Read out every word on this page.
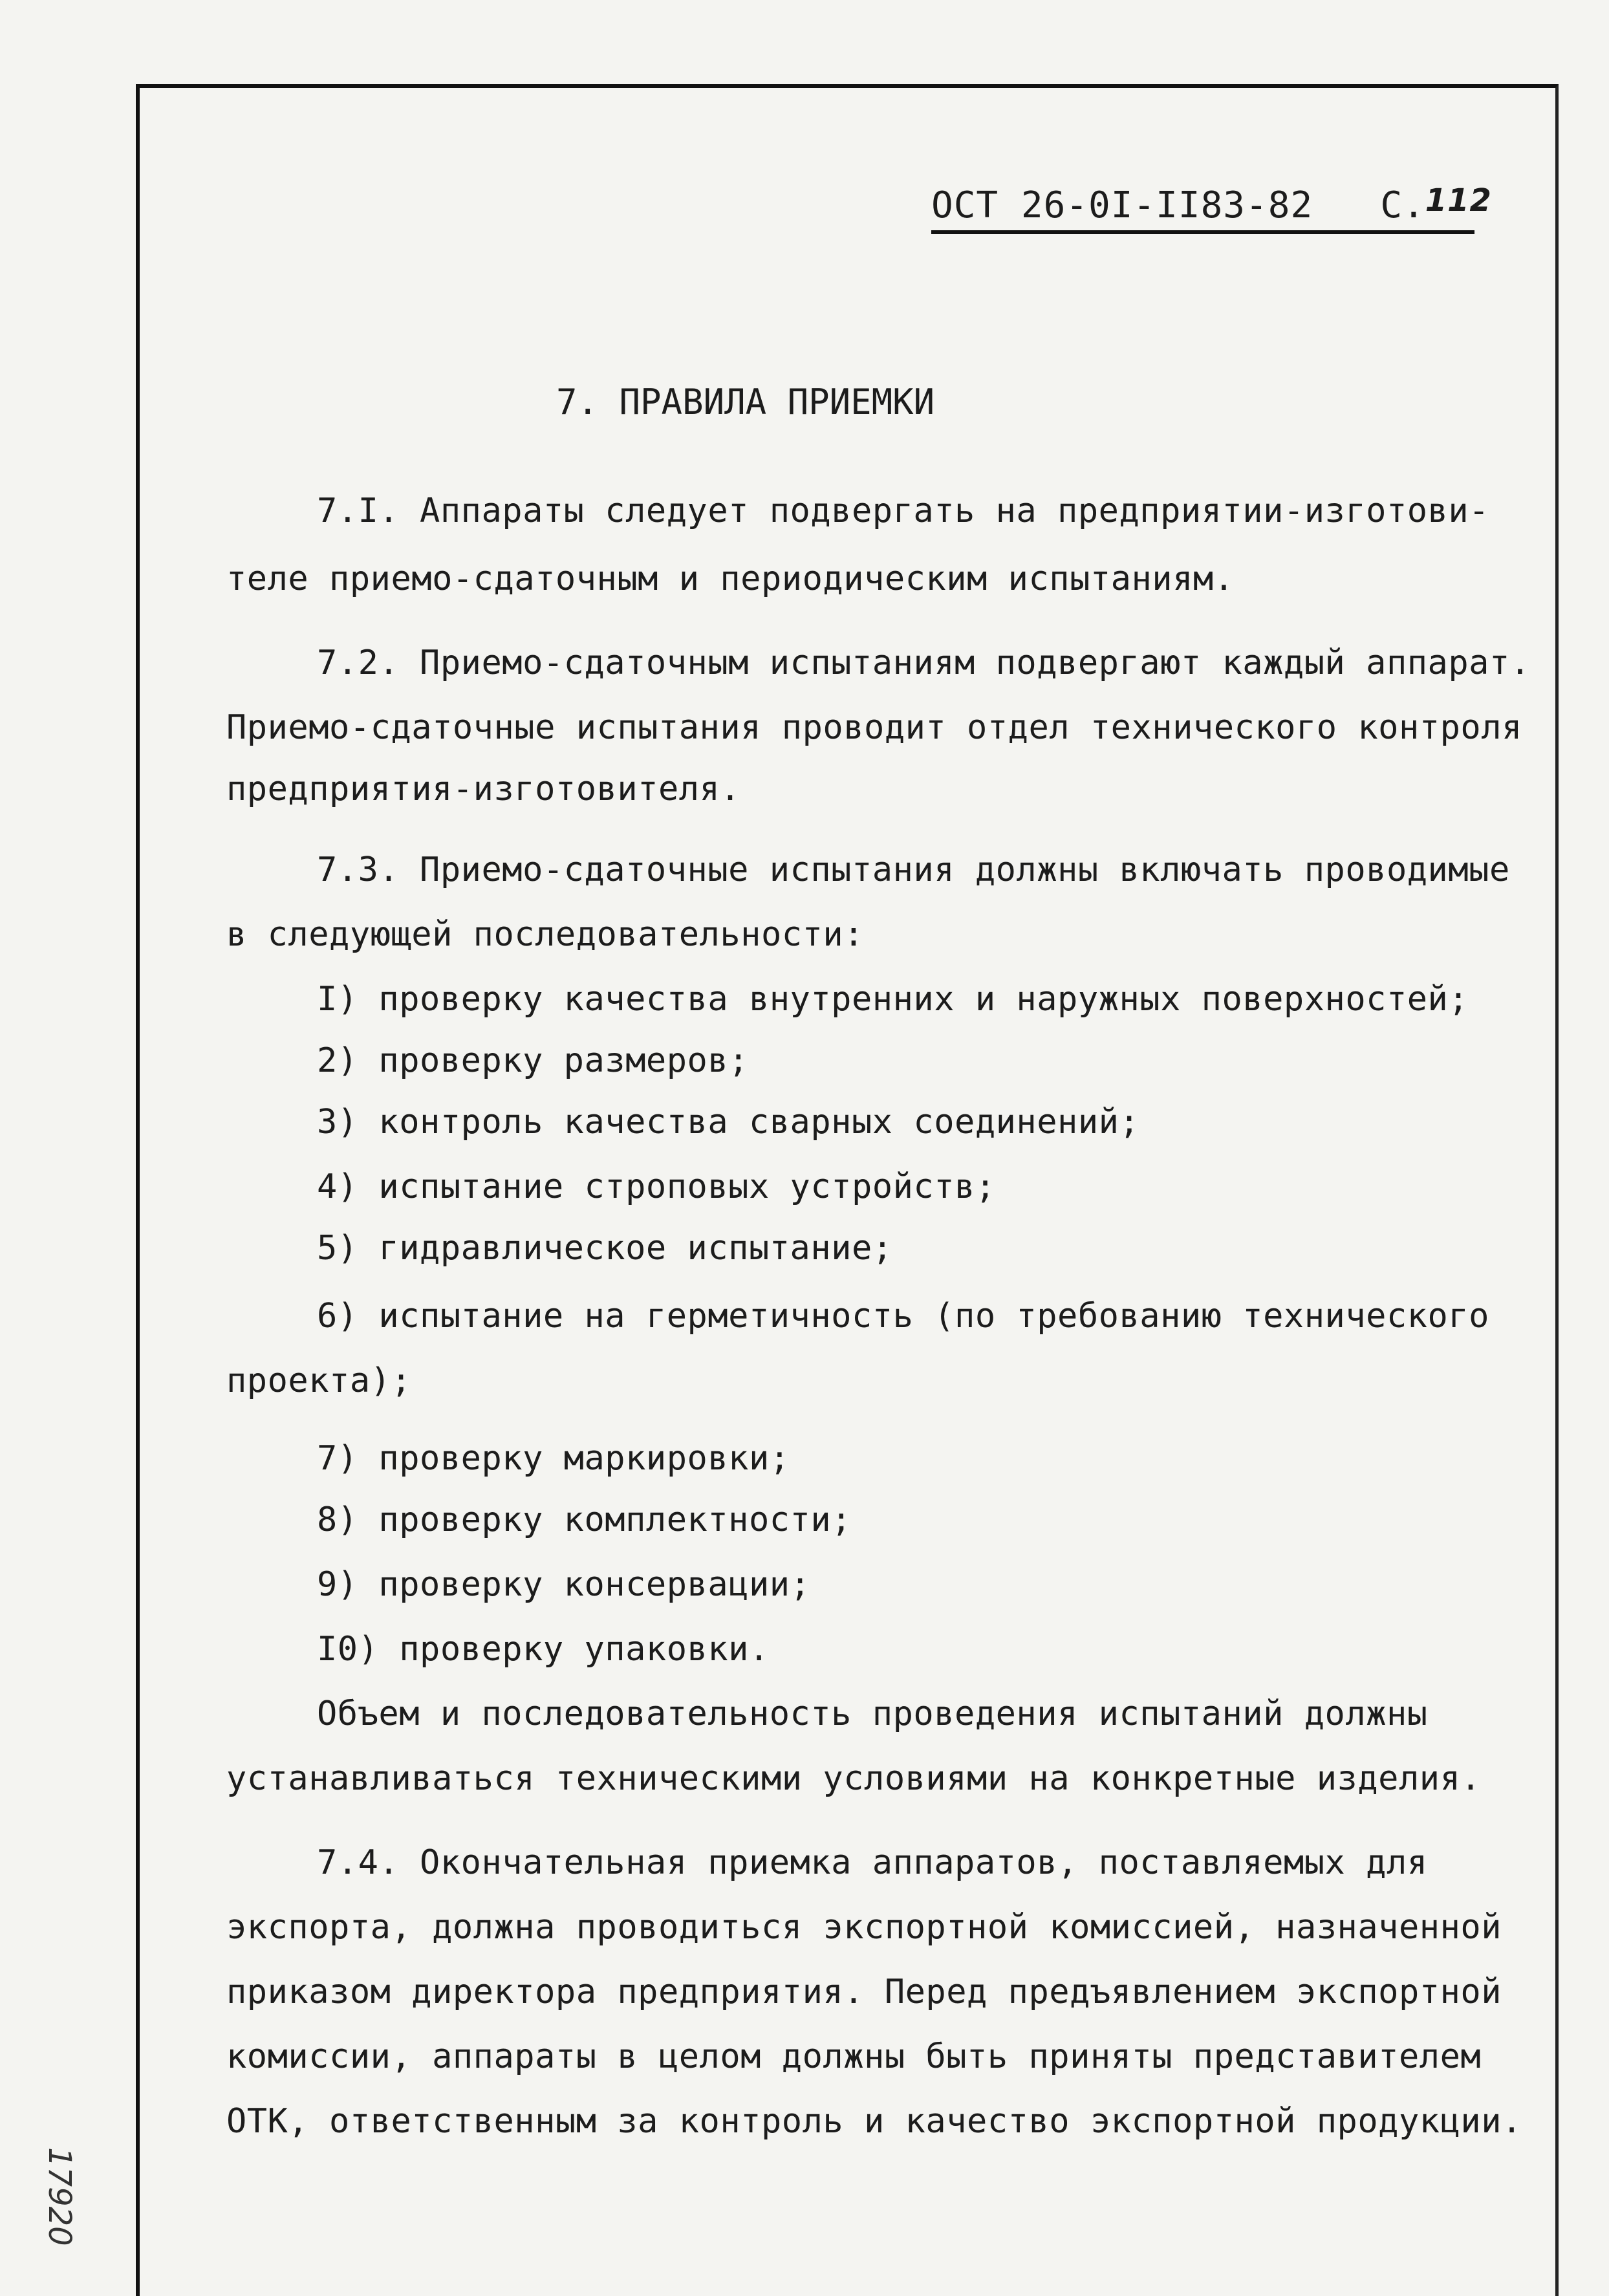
ОСТ 26-0I-II83-82 С.112
7. ПРАВИЛА ПРИЕМКИ
7.I. Аппараты следует подвергать на предприятии-изготови-
теле приемо-сдаточным и периодическим испытаниям.
7.2. Приемо-сдаточным испытаниям подвергают каждый аппарат.
Приемо-сдаточные испытания проводит отдел технического контроля
предприятия-изготовителя.
7.3. Приемо-сдаточные испытания должны включать проводимые
в следующей последовательности:
I) проверку качества внутренних и наружных поверхностей;
2) проверку размеров;
3) контроль качества сварных соединений;
4) испытание строповых устройств;
5) гидравлическое испытание;
6) испытание на герметичность (по требованию технического
проекта);
7) проверку маркировки;
8) проверку комплектности;
9) проверку консервации;
I0) проверку упаковки.
Объем и последовательность проведения испытаний должны
устанавливаться техническими условиями на конкретные изделия.
7.4. Окончательная приемка аппаратов, поставляемых для
экспорта, должна проводиться экспортной комиссией, назначенной
приказом директора предприятия. Перед предъявлением экспортной
комиссии, аппараты в целом должны быть приняты представителем
ОТК, ответственным за контроль и качество экспортной продукции.
17920
